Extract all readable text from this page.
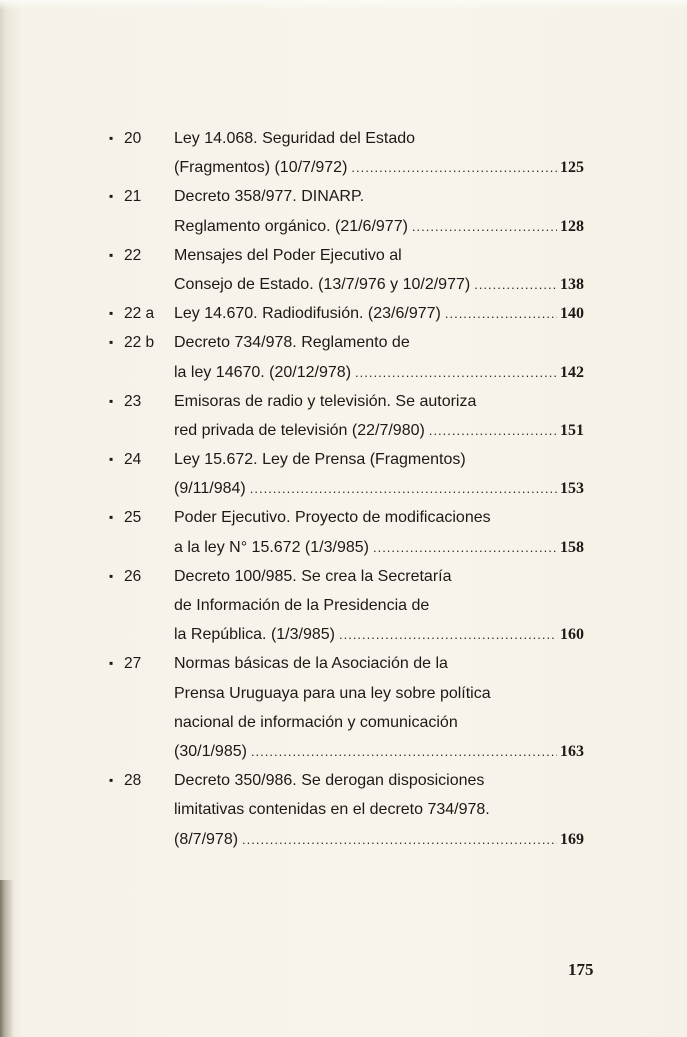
▪ 20	Ley 14.068. Seguridad del Estado
(Fragmentos) (10/7/972) .....	125
▪ 21	Decreto 358/977. DINARP.
Reglamento orgánico. (21/6/977) .....	128
▪ 22	Mensajes del Poder Ejecutivo al
Consejo de Estado. (13/7/976 y 10/2/977) .....	138
▪ 22 a	Ley 14.670. Radiodifusión. (23/6/977) .....	140
▪ 22 b	Decreto 734/978. Reglamento de
la ley 14670. (20/12/978) .....	142
▪ 23	Emisoras de radio y televisión. Se autoriza
red privada de televisión (22/7/980) .....	151
▪ 24	Ley 15.672. Ley de Prensa (Fragmentos)
(9/11/984) .....	153
▪ 25	Poder Ejecutivo. Proyecto de modificaciones
a la ley N° 15.672 (1/3/985) .....	158
▪ 26	Decreto 100/985. Se crea la Secretaría
de Información de la Presidencia de
la República. (1/3/985) .....	160
▪ 27	Normas básicas de la Asociación de la
Prensa Uruguaya para una ley sobre política
nacional de información y comunicación
(30/1/985) .....	163
▪ 28	Decreto 350/986. Se derogan disposiciones
limitativas contenidas en el decreto 734/978.
(8/7/978) .....	169
175
